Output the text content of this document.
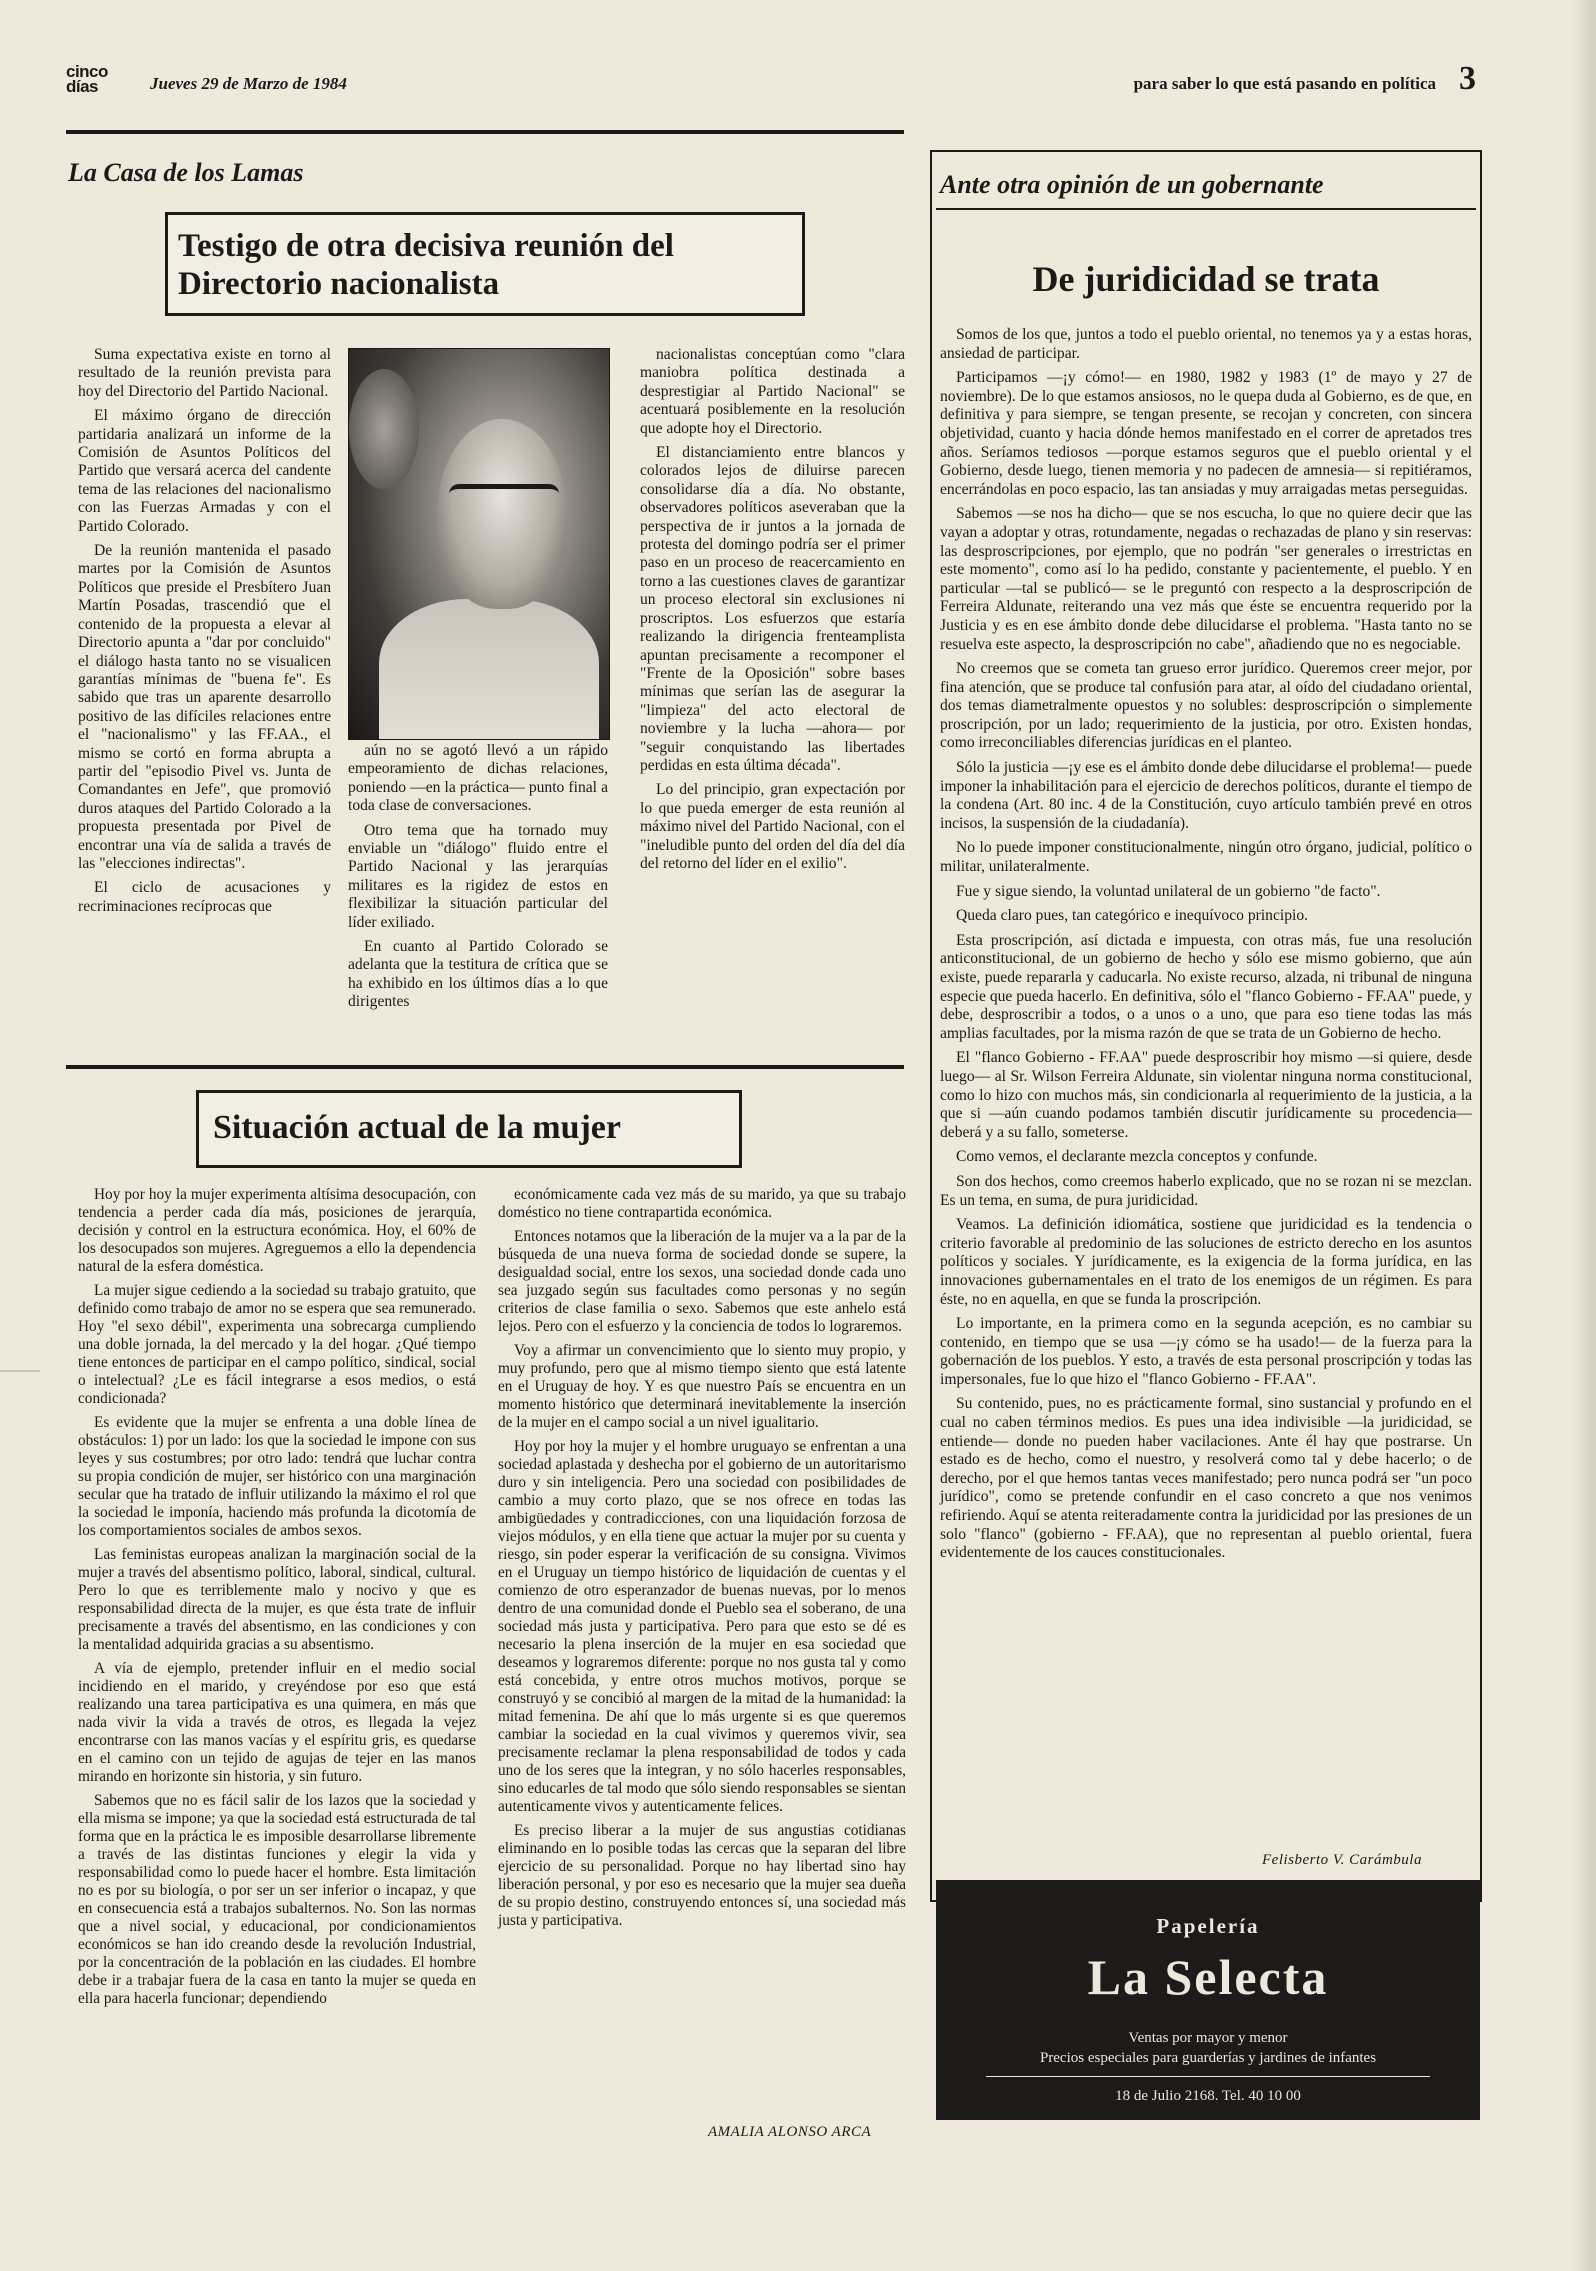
cinco
días	Jueves 29 de Marzo de 1984	para saber lo que está pasando en política 3
La Casa de los Lamas
Testigo de otra decisiva reunión del
Directorio nacionalista

Suma expectativa existe en torno al resultado de la reunión prevista para hoy del Directorio del Partido Nacional.

El máximo órgano de dirección partidaria analizará un informe de la Comisión de Asuntos Políticos del Partido que versará acerca del candente tema de las relaciones del nacionalismo con las Fuerzas Armadas y con el Partido Colorado.

De la reunión mantenida el pasado martes por la Comisión de Asuntos Políticos que preside el Presbítero Juan Martín Posadas, trascendió que el contenido de la propuesta a elevar al Directorio apunta a "dar por concluido" el diálogo hasta tanto no se visualicen garantías mínimas de "buena fe". Es sabido que tras un aparente desarrollo positivo de las difíciles relaciones entre el "nacionalismo" y las FF.AA., el mismo se cortó en forma abrupta a partir del "episodio Pivel vs. Junta de Comandantes en Jefe", que promovió duros ataques del Partido Colorado a la propuesta presentada por Pivel de encontrar una vía de salida a través de las "elecciones indirectas".

El ciclo de acusaciones y recriminaciones recíprocas que

aún no se agotó llevó a un rápido empeoramiento de dichas relaciones, poniendo —en la práctica— punto final a toda clase de conversaciones.

Otro tema que ha tornado muy enviable un "diálogo" fluido entre el Partido Nacional y las jerarquías militares es la rigidez de estos en flexibilizar la situación particular del líder exiliado.

En cuanto al Partido Colorado se adelanta que la testitura de crítica que se ha exhibido en los últimos días a lo que dirigentes

nacionalistas conceptúan como "clara maniobra política destinada a desprestigiar al Partido Nacional" se acentuará posiblemente en la resolución que adopte hoy el Directorio.

El distanciamiento entre blancos y colorados lejos de diluirse parecen consolidarse día a día. No obstante, observadores políticos aseveraban que la perspectiva de ir juntos a la jornada de protesta del domingo podría ser el primer paso en un proceso de reacercamiento en torno a las cuestiones claves de garantizar un proceso electoral sin exclusiones ni proscriptos. Los esfuerzos que estaría realizando la dirigencia frenteamplista apuntan precisamente a recomponer el "Frente de la Oposición" sobre bases mínimas que serían las de asegurar la "limpieza" del acto electoral de noviembre y la lucha —ahora— por "seguir conquistando las libertades perdidas en esta última década".

Lo del principio, gran expectación por lo que pueda emerger de esta reunión al máximo nivel del Partido Nacional, con el "ineludible punto del orden del día del día del retorno del líder en el exilio".

Situación actual de la mujer

Hoy por hoy la mujer experimenta altísima desocupación, con tendencia a perder cada día más, posiciones de jerarquía, decisión y control en la estructura económica. Hoy, el 60% de los desocupados son mujeres. Agreguemos a ello la dependencia natural de la esfera doméstica.

La mujer sigue cediendo a la sociedad su trabajo gratuito, que definido como trabajo de amor no se espera que sea remunerado. Hoy "el sexo débil", experimenta una sobrecarga cumpliendo una doble jornada, la del mercado y la del hogar. ¿Qué tiempo tiene entonces de participar en el campo político, sindical, social o intelectual? ¿Le es fácil integrarse a esos medios, o está condicionada?

Es evidente que la mujer se enfrenta a una doble línea de obstáculos: 1) por un lado: los que la sociedad le impone con sus leyes y sus costumbres; por otro lado: tendrá que luchar contra su propia condición de mujer, ser histórico con una marginación secular que ha tratado de influir utilizando la máximo el rol que la sociedad le imponía, haciendo más profunda la dicotomía de los comportamientos sociales de ambos sexos.

Las feministas europeas analizan la marginación social de la mujer a través del absentismo político, laboral, sindical, cultural. Pero lo que es terriblemente malo y nocivo y que es responsabilidad directa de la mujer, es que ésta trate de influir precisamente a través del absentismo, en las condiciones y con la mentalidad adquirida gracias a su absentismo.

A vía de ejemplo, pretender influir en el medio social incidiendo en el marido, y creyéndose por eso que está realizando una tarea participativa es una quimera, en más que nada vivir la vida a través de otros, es llegada la vejez encontrarse con las manos vacías y el espíritu gris, es quedarse en el camino con un tejido de agujas de tejer en las manos mirando en horizonte sin historia, y sin futuro.

Sabemos que no es fácil salir de los lazos que la sociedad y ella misma se impone; ya que la sociedad está estructurada de tal forma que en la práctica le es imposible desarrollarse libremente a través de las distintas funciones y elegir la vida y responsabilidad como lo puede hacer el hombre. Esta limitación no es por su biología, o por ser un ser inferior o incapaz, y que en consecuencia está a trabajos subalternos. No. Son las normas que a nivel social, y educacional, por condicionamientos económicos se han ido creando desde la revolución Industrial, por la concentración de la población en las ciudades. El hombre debe ir a trabajar fuera de la casa en tanto la mujer se queda en ella para hacerla funcionar; dependiendo

económicamente cada vez más de su marido, ya que su trabajo doméstico no tiene contrapartida económica.

Entonces notamos que la liberación de la mujer va a la par de la búsqueda de una nueva forma de sociedad donde se supere, la desigualdad social, entre los sexos, una sociedad donde cada uno sea juzgado según sus facultades como personas y no según criterios de clase familia o sexo. Sabemos que este anhelo está lejos. Pero con el esfuerzo y la conciencia de todos lo lograremos.

Voy a afirmar un convencimiento que lo siento muy propio, y muy profundo, pero que al mismo tiempo siento que está latente en el Uruguay de hoy. Y es que nuestro País se encuentra en un momento histórico que determinará inevitablemente la inserción de la mujer en el campo social a un nivel igualitario.

Hoy por hoy la mujer y el hombre uruguayo se enfrentan a una sociedad aplastada y deshecha por el gobierno de un autoritarismo duro y sin inteligencia. Pero una sociedad con posibilidades de cambio a muy corto plazo, que se nos ofrece en todas las ambigüedades y contradicciones, con una liquidación forzosa de viejos módulos, y en ella tiene que actuar la mujer por su cuenta y riesgo, sin poder esperar la verificación de su consigna. Vivimos en el Uruguay un tiempo histórico de liquidación de cuentas y el comienzo de otro esperanzador de buenas nuevas, por lo menos dentro de una comunidad donde el Pueblo sea el soberano, de una sociedad más justa y participativa. Pero para que esto se dé es necesario la plena inserción de la mujer en esa sociedad que deseamos y lograremos diferente: porque no nos gusta tal y como está concebida, y entre otros muchos motivos, porque se construyó y se concibió al margen de la mitad de la humanidad: la mitad femenina. De ahí que lo más urgente si es que queremos cambiar la sociedad en la cual vivimos y queremos vivir, sea precisamente reclamar la plena responsabilidad de todos y cada uno de los seres que la integran, y no sólo hacerles responsables, sino educarles de tal modo que sólo siendo responsables se sientan autenticamente vivos y autenticamente felices.

Es preciso liberar a la mujer de sus angustias cotidianas eliminando en lo posible todas las cercas que la separan del libre ejercicio de su personalidad. Porque no hay libertad sino hay liberación personal, y por eso es necesario que la mujer sea dueña de su propio destino, construyendo entonces sí, una sociedad más justa y participativa.

AMALIA ALONSO ARCA
Ante otra opinión de un gobernante
De juridicidad se trata

Somos de los que, juntos a todo el pueblo oriental, no tenemos ya y a estas horas, ansiedad de participar.

Participamos —¡y cómo!— en 1980, 1982 y 1983 (1º de mayo y 27 de noviembre). De lo que estamos ansiosos, no le quepa duda al Gobierno, es de que, en definitiva y para siempre, se tengan presente, se recojan y concreten, con sincera objetividad, cuanto y hacia dónde hemos manifestado en el correr de apretados tres años. Seríamos tediosos —porque estamos seguros que el pueblo oriental y el Gobierno, desde luego, tienen memoria y no padecen de amnesia— si repitiéramos, encerrándolas en poco espacio, las tan ansiadas y muy arraigadas metas perseguidas.

Sabemos —se nos ha dicho— que se nos escucha, lo que no quiere decir que las vayan a adoptar y otras, rotundamente, negadas o rechazadas de plano y sin reservas: las desproscripciones, por ejemplo, que no podrán "ser generales o irrestrictas en este momento", como así lo ha pedido, constante y pacientemente, el pueblo. Y en particular —tal se publicó— se le preguntó con respecto a la desproscripción de Ferreira Aldunate, reiterando una vez más que éste se encuentra requerido por la Justicia y es en ese ámbito donde debe dilucidarse el problema. "Hasta tanto no se resuelva este aspecto, la desproscripción no cabe", añadiendo que no es negociable.

No creemos que se cometa tan grueso error jurídico. Queremos creer mejor, por fina atención, que se produce tal confusión para atar, al oído del ciudadano oriental, dos temas diametralmente opuestos y no solubles: desproscripción o simplemente proscripción, por un lado; requerimiento de la justicia, por otro. Existen hondas, como irreconciliables diferencias jurídicas en el planteo.

Sólo la justicia —¡y ese es el ámbito donde debe dilucidarse el problema!— puede imponer la inhabilitación para el ejercicio de derechos políticos, durante el tiempo de la condena (Art. 80 inc. 4 de la Constitución, cuyo artículo también prevé en otros incisos, la suspensión de la ciudadanía).

No lo puede imponer constitucionalmente, ningún otro órgano, judicial, político o militar, unilateralmente.

Fue y sigue siendo, la voluntad unilateral de un gobierno "de facto".

Queda claro pues, tan categórico e inequívoco principio.

Esta proscripción, así dictada e impuesta, con otras más, fue una resolución anticonstitucional, de un gobierno de hecho y sólo ese mismo gobierno, que aún existe, puede repararla y caducarla. No existe recurso, alzada, ni tribunal de ninguna especie que pueda hacerlo. En definitiva, sólo el "flanco Gobierno - FF.AA" puede, y debe, desproscribir a todos, o a unos o a uno, que para eso tiene todas las más amplias facultades, por la misma razón de que se trata de un Gobierno de hecho.

El "flanco Gobierno - FF.AA" puede desproscribir hoy mismo —si quiere, desde luego— al Sr. Wilson Ferreira Aldunate, sin violentar ninguna norma constitucional, como lo hizo con muchos más, sin condicionarla al requerimiento de la justicia, a la que si —aún cuando podamos también discutir jurídicamente su procedencia— deberá y a su fallo, someterse.

Como vemos, el declarante mezcla conceptos y confunde.

Son dos hechos, como creemos haberlo explicado, que no se rozan ni se mezclan. Es un tema, en suma, de pura juridicidad.

Veamos. La definición idiomática, sostiene que juridicidad es la tendencia o criterio favorable al predominio de las soluciones de estricto derecho en los asuntos políticos y sociales. Y jurídicamente, es la exigencia de la forma jurídica, en las innovaciones gubernamentales en el trato de los enemigos de un régimen. Es para éste, no en aquella, en que se funda la proscripción.

Lo importante, en la primera como en la segunda acepción, es no cambiar su contenido, en tiempo que se usa —¡y cómo se ha usado!— de la fuerza para la gobernación de los pueblos. Y esto, a través de esta personal proscripción y todas las impersonales, fue lo que hizo el "flanco Gobierno - FF.AA".

Su contenido, pues, no es prácticamente formal, sino sustancial y profundo en el cual no caben términos medios. Es pues una idea indivisible —la juridicidad, se entiende— donde no pueden haber vacilaciones. Ante él hay que postrarse. Un estado es de hecho, como el nuestro, y resolverá como tal y debe hacerlo; o de derecho, por el que hemos tantas veces manifestado; pero nunca podrá ser "un poco jurídico", como se pretende confundir en el caso concreto a que nos venimos refiriendo. Aquí se atenta reiteradamente contra la juridicidad por las presiones de un solo "flanco" (gobierno - FF.AA), que no representan al pueblo oriental, fuera evidentemente de los cauces constitucionales.

Felisberto V. Carámbula
Papelería
La Selecta
Ventas por mayor y menor
Precios especiales para guarderías y jardines de infantes
18 de Julio 2168. Tel. 40 10 00
